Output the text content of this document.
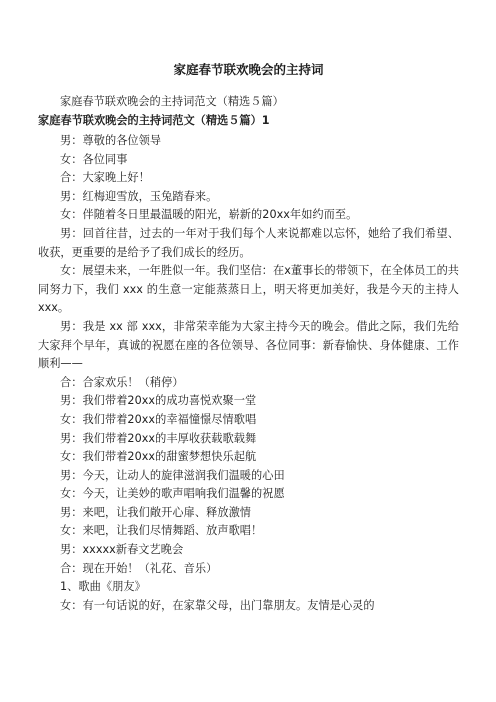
家庭春节联欢晚会的主持词
家庭春节联欢晚会的主持词范文（精选５篇）
家庭春节联欢晚会的主持词范文（精选５篇）1
男：尊敬的各位领导
女：各位同事
合：大家晚上好！
男：红梅迎雪放，玉兔踏春来。
女：伴随着冬日里最温暖的阳光，崭新的20xx年如约而至。
男：回首往昔，过去的一年对于我们每个人来说都难以忘怀，她给了我们希望、收获，更重要的是给予了我们成长的经历。
女：展望未来，一年胜似一年。我们坚信：在x董事长的带领下，在全体员工的共同努力下，我们 xxx 的生意一定能蒸蒸日上，明天将更加美好，我是今天的主持人xxx。
男：我是 xx 部 xxx，非常荣幸能为大家主持今天的晚会。借此之际，我们先给大家拜个早年，真诚的祝愿在座的各位领导、各位同事：新春愉快、身体健康、工作顺利——
合：合家欢乐！（稍停）
男：我们带着20xx的成功喜悦欢聚一堂
女：我们带着20xx的幸福憧憬尽情歌唱
男：我们带着20xx的丰厚收获载歌载舞
女：我们带着20xx的甜蜜梦想快乐起航
男：今天，让动人的旋律滋润我们温暖的心田
女：今天，让美妙的歌声唱响我们温馨的祝愿
男：来吧，让我们敞开心扉、释放激情
女：来吧，让我们尽情舞蹈、放声歌唱！
男：xxxxx新春文艺晚会
合：现在开始！（礼花、音乐）
1、歌曲《朋友》
女：有一句话说的好，在家靠父母，出门靠朋友。友情是心灵的
